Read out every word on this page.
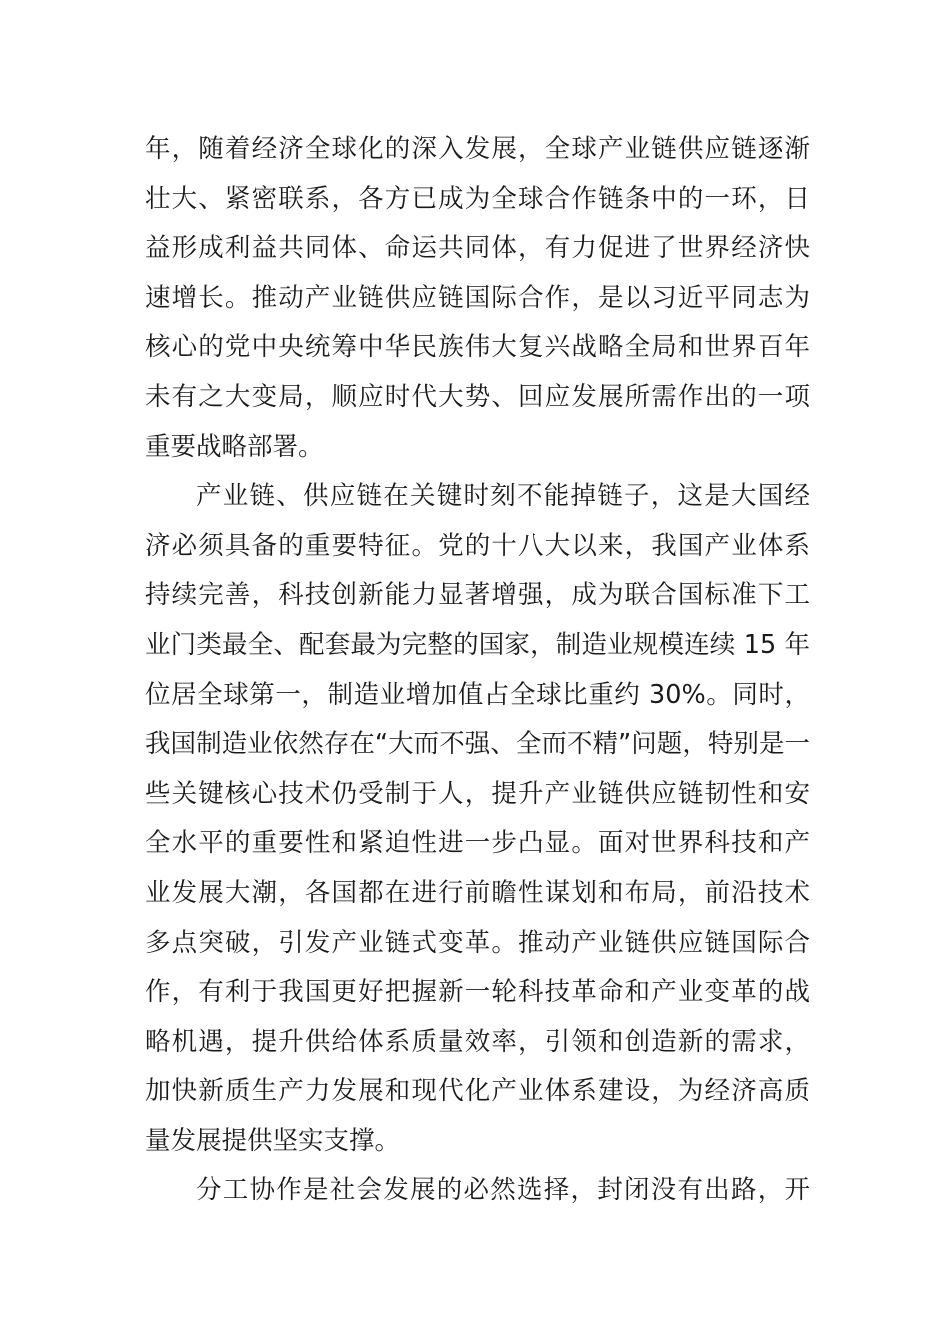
年，随着经济全球化的深入发展，全球产业链供应链逐渐
壮大、紧密联系，各方已成为全球合作链条中的一环，日
益形成利益共同体、命运共同体，有力促进了世界经济快
速增长。推动产业链供应链国际合作，是以习近平同志为
核心的党中央统筹中华民族伟大复兴战略全局和世界百年
未有之大变局，顺应时代大势、回应发展所需作出的一项
重要战略部署。
产业链、供应链在关键时刻不能掉链子，这是大国经
济必须具备的重要特征。党的十八大以来，我国产业体系
持续完善，科技创新能力显著增强，成为联合国标准下工
业门类最全、配套最为完整的国家，制造业规模连续 15 年
位居全球第一，制造业增加值占全球比重约 30%。同时，
我国制造业依然存在“大而不强、全而不精”问题，特别是一
些关键核心技术仍受制于人，提升产业链供应链韧性和安
全水平的重要性和紧迫性进一步凸显。面对世界科技和产
业发展大潮，各国都在进行前瞻性谋划和布局，前沿技术
多点突破，引发产业链式变革。推动产业链供应链国际合
作，有利于我国更好把握新一轮科技革命和产业变革的战
略机遇，提升供给体系质量效率，引领和创造新的需求，
加快新质生产力发展和现代化产业体系建设，为经济高质
量发展提供坚实支撑。
分工协作是社会发展的必然选择，封闭没有出路，开
